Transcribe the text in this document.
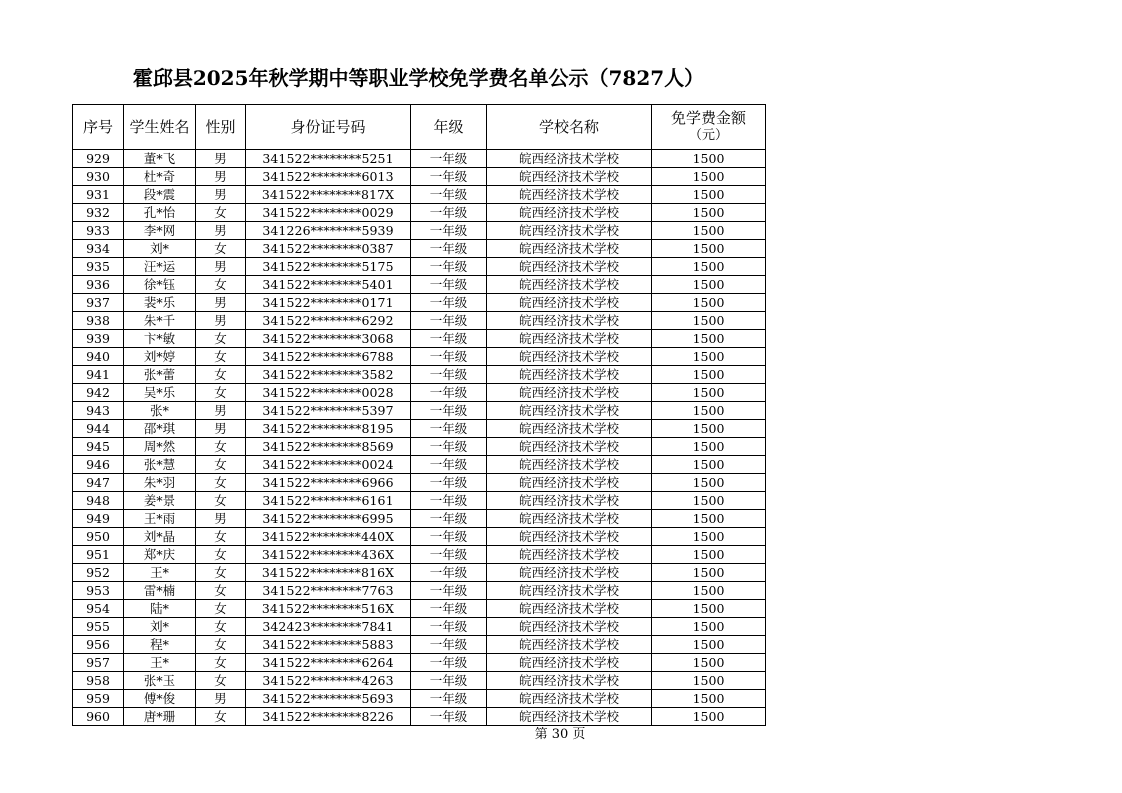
霍邱县2025年秋学期中等职业学校免学费名单公示（7827人）
序号	学生姓名	性别	身份证号码	年级	学校名称	免学费金额
（元）

929	董*飞	男	341522********5251	一年级	皖西经济技术学校	1500
930	杜*奇	男	341522********6013	一年级	皖西经济技术学校	1500
931	段*震	男	341522********817X	一年级	皖西经济技术学校	1500
932	孔*怡	女	341522********0029	一年级	皖西经济技术学校	1500
933	李*网	男	341226********5939	一年级	皖西经济技术学校	1500
934	刘*	女	341522********0387	一年级	皖西经济技术学校	1500
935	汪*运	男	341522********5175	一年级	皖西经济技术学校	1500
936	徐*钰	女	341522********5401	一年级	皖西经济技术学校	1500
937	裴*乐	男	341522********0171	一年级	皖西经济技术学校	1500
938	朱*千	男	341522********6292	一年级	皖西经济技术学校	1500
939	卞*敏	女	341522********3068	一年级	皖西经济技术学校	1500
940	刘*婷	女	341522********6788	一年级	皖西经济技术学校	1500
941	张*蕾	女	341522********3582	一年级	皖西经济技术学校	1500
942	吴*乐	女	341522********0028	一年级	皖西经济技术学校	1500
943	张*	男	341522********5397	一年级	皖西经济技术学校	1500
944	邵*琪	男	341522********8195	一年级	皖西经济技术学校	1500
945	周*然	女	341522********8569	一年级	皖西经济技术学校	1500
946	张*慧	女	341522********0024	一年级	皖西经济技术学校	1500
947	朱*羽	女	341522********6966	一年级	皖西经济技术学校	1500
948	姜*景	女	341522********6161	一年级	皖西经济技术学校	1500
949	王*雨	男	341522********6995	一年级	皖西经济技术学校	1500
950	刘*晶	女	341522********440X	一年级	皖西经济技术学校	1500
951	郑*庆	女	341522********436X	一年级	皖西经济技术学校	1500
952	王*	女	341522********816X	一年级	皖西经济技术学校	1500
953	雷*楠	女	341522********7763	一年级	皖西经济技术学校	1500
954	陆*	女	341522********516X	一年级	皖西经济技术学校	1500
955	刘*	女	342423********7841	一年级	皖西经济技术学校	1500
956	程*	女	341522********5883	一年级	皖西经济技术学校	1500
957	王*	女	341522********6264	一年级	皖西经济技术学校	1500
958	张*玉	女	341522********4263	一年级	皖西经济技术学校	1500
959	傅*俊	男	341522********5693	一年级	皖西经济技术学校	1500
960	唐*珊	女	341522********8226	一年级	皖西经济技术学校	1500
第 30 页
